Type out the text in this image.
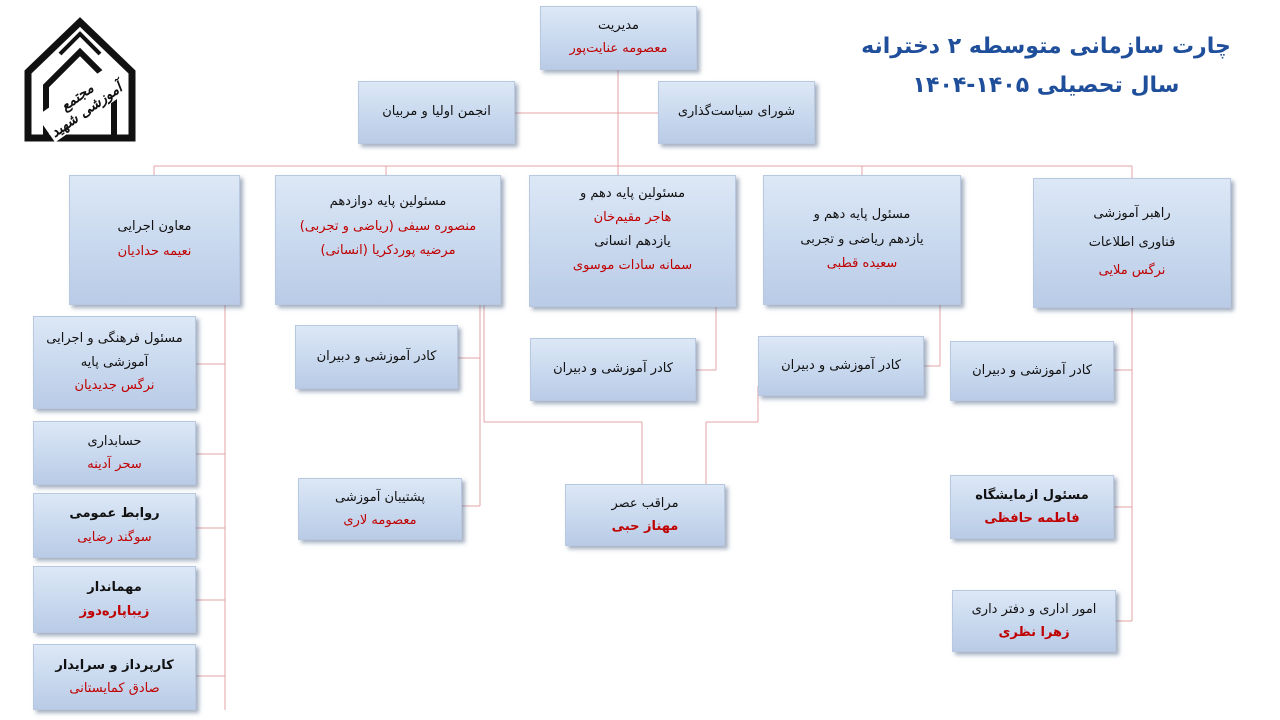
مجتمع آموزشی شهید
چارت سازمانی متوسطه ۲ دخترانه
سال تحصیلی ۱۴۰۵-۱۴۰۴
مدیریت
معصومه عنایت‌پور
شورای سیاست‌گذاری
انجمن اولیا و مربیان
معاون اجرایی
نعیمه حدادیان
مسئولین پایه دوازدهم
منصوره سیفی (ریاضی و تجربی)
مرضیه پوردکریا (انسانی)
مسئولین پایه دهم و
هاجر مقیم‌خان
یازدهم انسانی
سمانه سادات موسوی
مسئول پایه دهم و
یازدهم ریاضی و تجربی
سعیده قطبی
راهبر آموزشی
فناوری اطلاعات
نرگس ملایی
مسئول فرهنگی و اجرایی آموزشی پایه
نرگس جدیدیان
حسابداری
سحر آدینه
روابط عمومی
سوگند رضایی
مهماندار
زیباپاره‌دوز
کارپرداز و سرایدار
صادق کمایستانی
کادر آموزشی و دبیران
پشتیبان آموزشی
معصومه لاری
کادر آموزشی و دبیران	کادر آموزشی و دبیران	کادر آموزشی و دبیران
مسئول ازمایشگاه
فاطمه حافظی
امور اداری و دفتر داری
زهرا نظری
مراقب عصر
مهناز حبی
